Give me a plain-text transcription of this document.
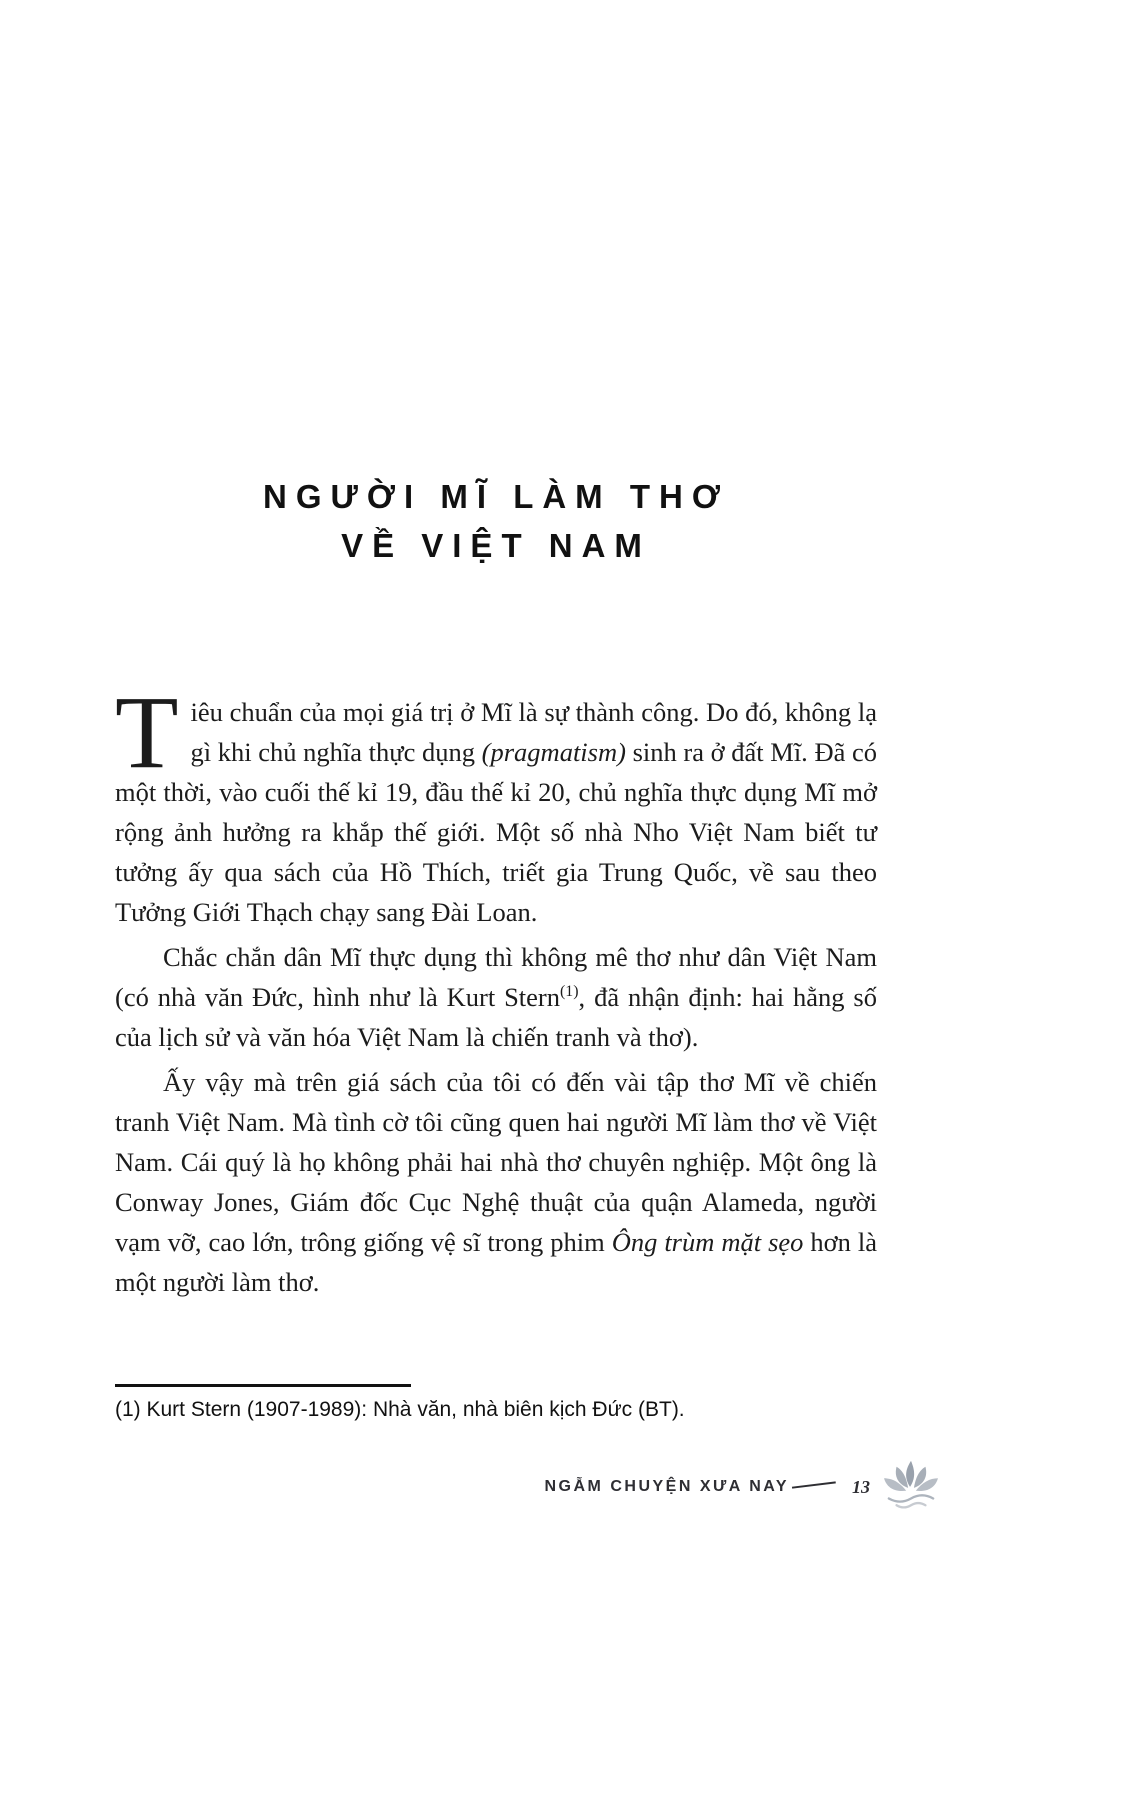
NGƯỜI MĨ LÀM THƠ
VỀ VIỆT NAM

Tiêu chuẩn của mọi giá trị ở Mĩ là sự thành công. Do đó, không lạ gì khi chủ nghĩa thực dụng (pragmatism) sinh ra ở đất Mĩ. Đã có một thời, vào cuối thế kỉ 19, đầu thế kỉ 20, chủ nghĩa thực dụng Mĩ mở rộng ảnh hưởng ra khắp thế giới. Một số nhà Nho Việt Nam biết tư tưởng ấy qua sách của Hồ Thích, triết gia Trung Quốc, về sau theo Tưởng Giới Thạch chạy sang Đài Loan.

Chắc chắn dân Mĩ thực dụng thì không mê thơ như dân Việt Nam (có nhà văn Đức, hình như là Kurt Stern$^{(1)}$, đã nhận định: hai hằng số của lịch sử và văn hóa Việt Nam là chiến tranh và thơ).

Ấy vậy mà trên giá sách của tôi có đến vài tập thơ Mĩ về chiến tranh Việt Nam. Mà tình cờ tôi cũng quen hai người Mĩ làm thơ về Việt Nam. Cái quý là họ không phải hai nhà thơ chuyên nghiệp. Một ông là Conway Jones, Giám đốc Cục Nghệ thuật của quận Alameda, người vạm vỡ, cao lớn, trông giống vệ sĩ trong phim Ông trùm mặt sẹo hơn là một người làm thơ.

(1) Kurt Stern (1907-1989): Nhà văn, nhà biên kịch Đức (BT).

NGẪM CHUYỆN XƯA NAY	13
